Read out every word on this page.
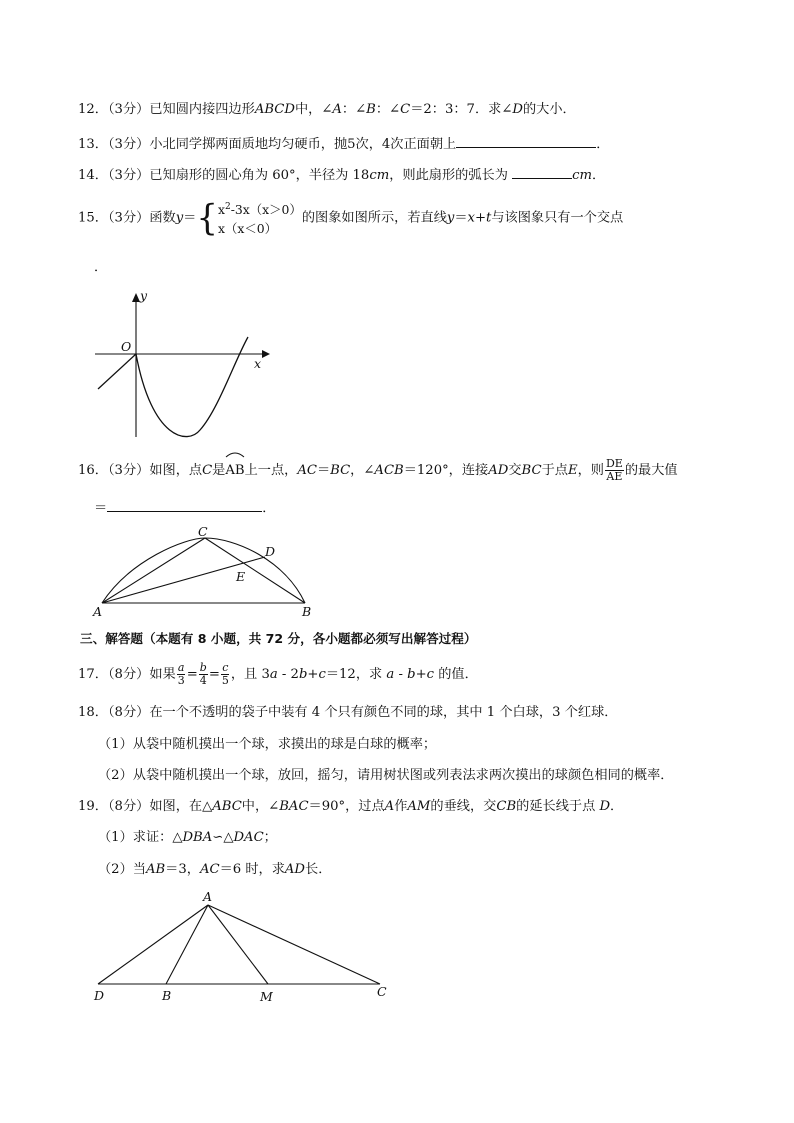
12．（3分）已知圆内接四边形ABCD中，∠A：∠B：∠C＝2：3：7．求∠D的大小．
13．（3分）小北同学掷两面质地均匀硬币，抛5次，4次正面朝上	．
14．（3分）已知扇形的圆心角为 60°，半径为 18cm，则此扇形的弧长为	cm．
15．（3分）函数y＝{ $x^2-3x(x>0)$
x（x＜0）
的图象如图所示，若直线y＝x+t与该图象只有一个交点
．
y
x
O
16．（3分）如图，点C是
AB上一点，AC＝BC，∠ACB＝120°，连接AD交BC于点E，则 $\frac{DE}{AE}$ 的最大值
＝	．
C
D
E
A	B
三、解答题（本题有 8 小题，共 72 分，各小题都必须写出解答过程）
17．（8分）如果 $\frac{a}{3} = \frac{b}{4} = \frac{c}{5}$ ，且 3a - 2b+c＝12，求 a - b+c 的值．
18．（8分）在一个不透明的袋子中装有 4 个只有颜色不同的球，其中 1 个白球，3 个红球．
（1）从袋中随机摸出一个球，求摸出的球是白球的概率；
（2）从袋中随机摸出一个球，放回，摇匀，请用树状图或列表法求两次摸出的球颜色相同的概率．
19．（8分）如图，在△ABC中，∠BAC＝90°，过点A作AM的垂线，交CB的延长线于点 D．
（1）求证：△DBA∽△DAC；
（2）当AB＝3，AC＝6 时，求AD长．
A
D	B	M	C
